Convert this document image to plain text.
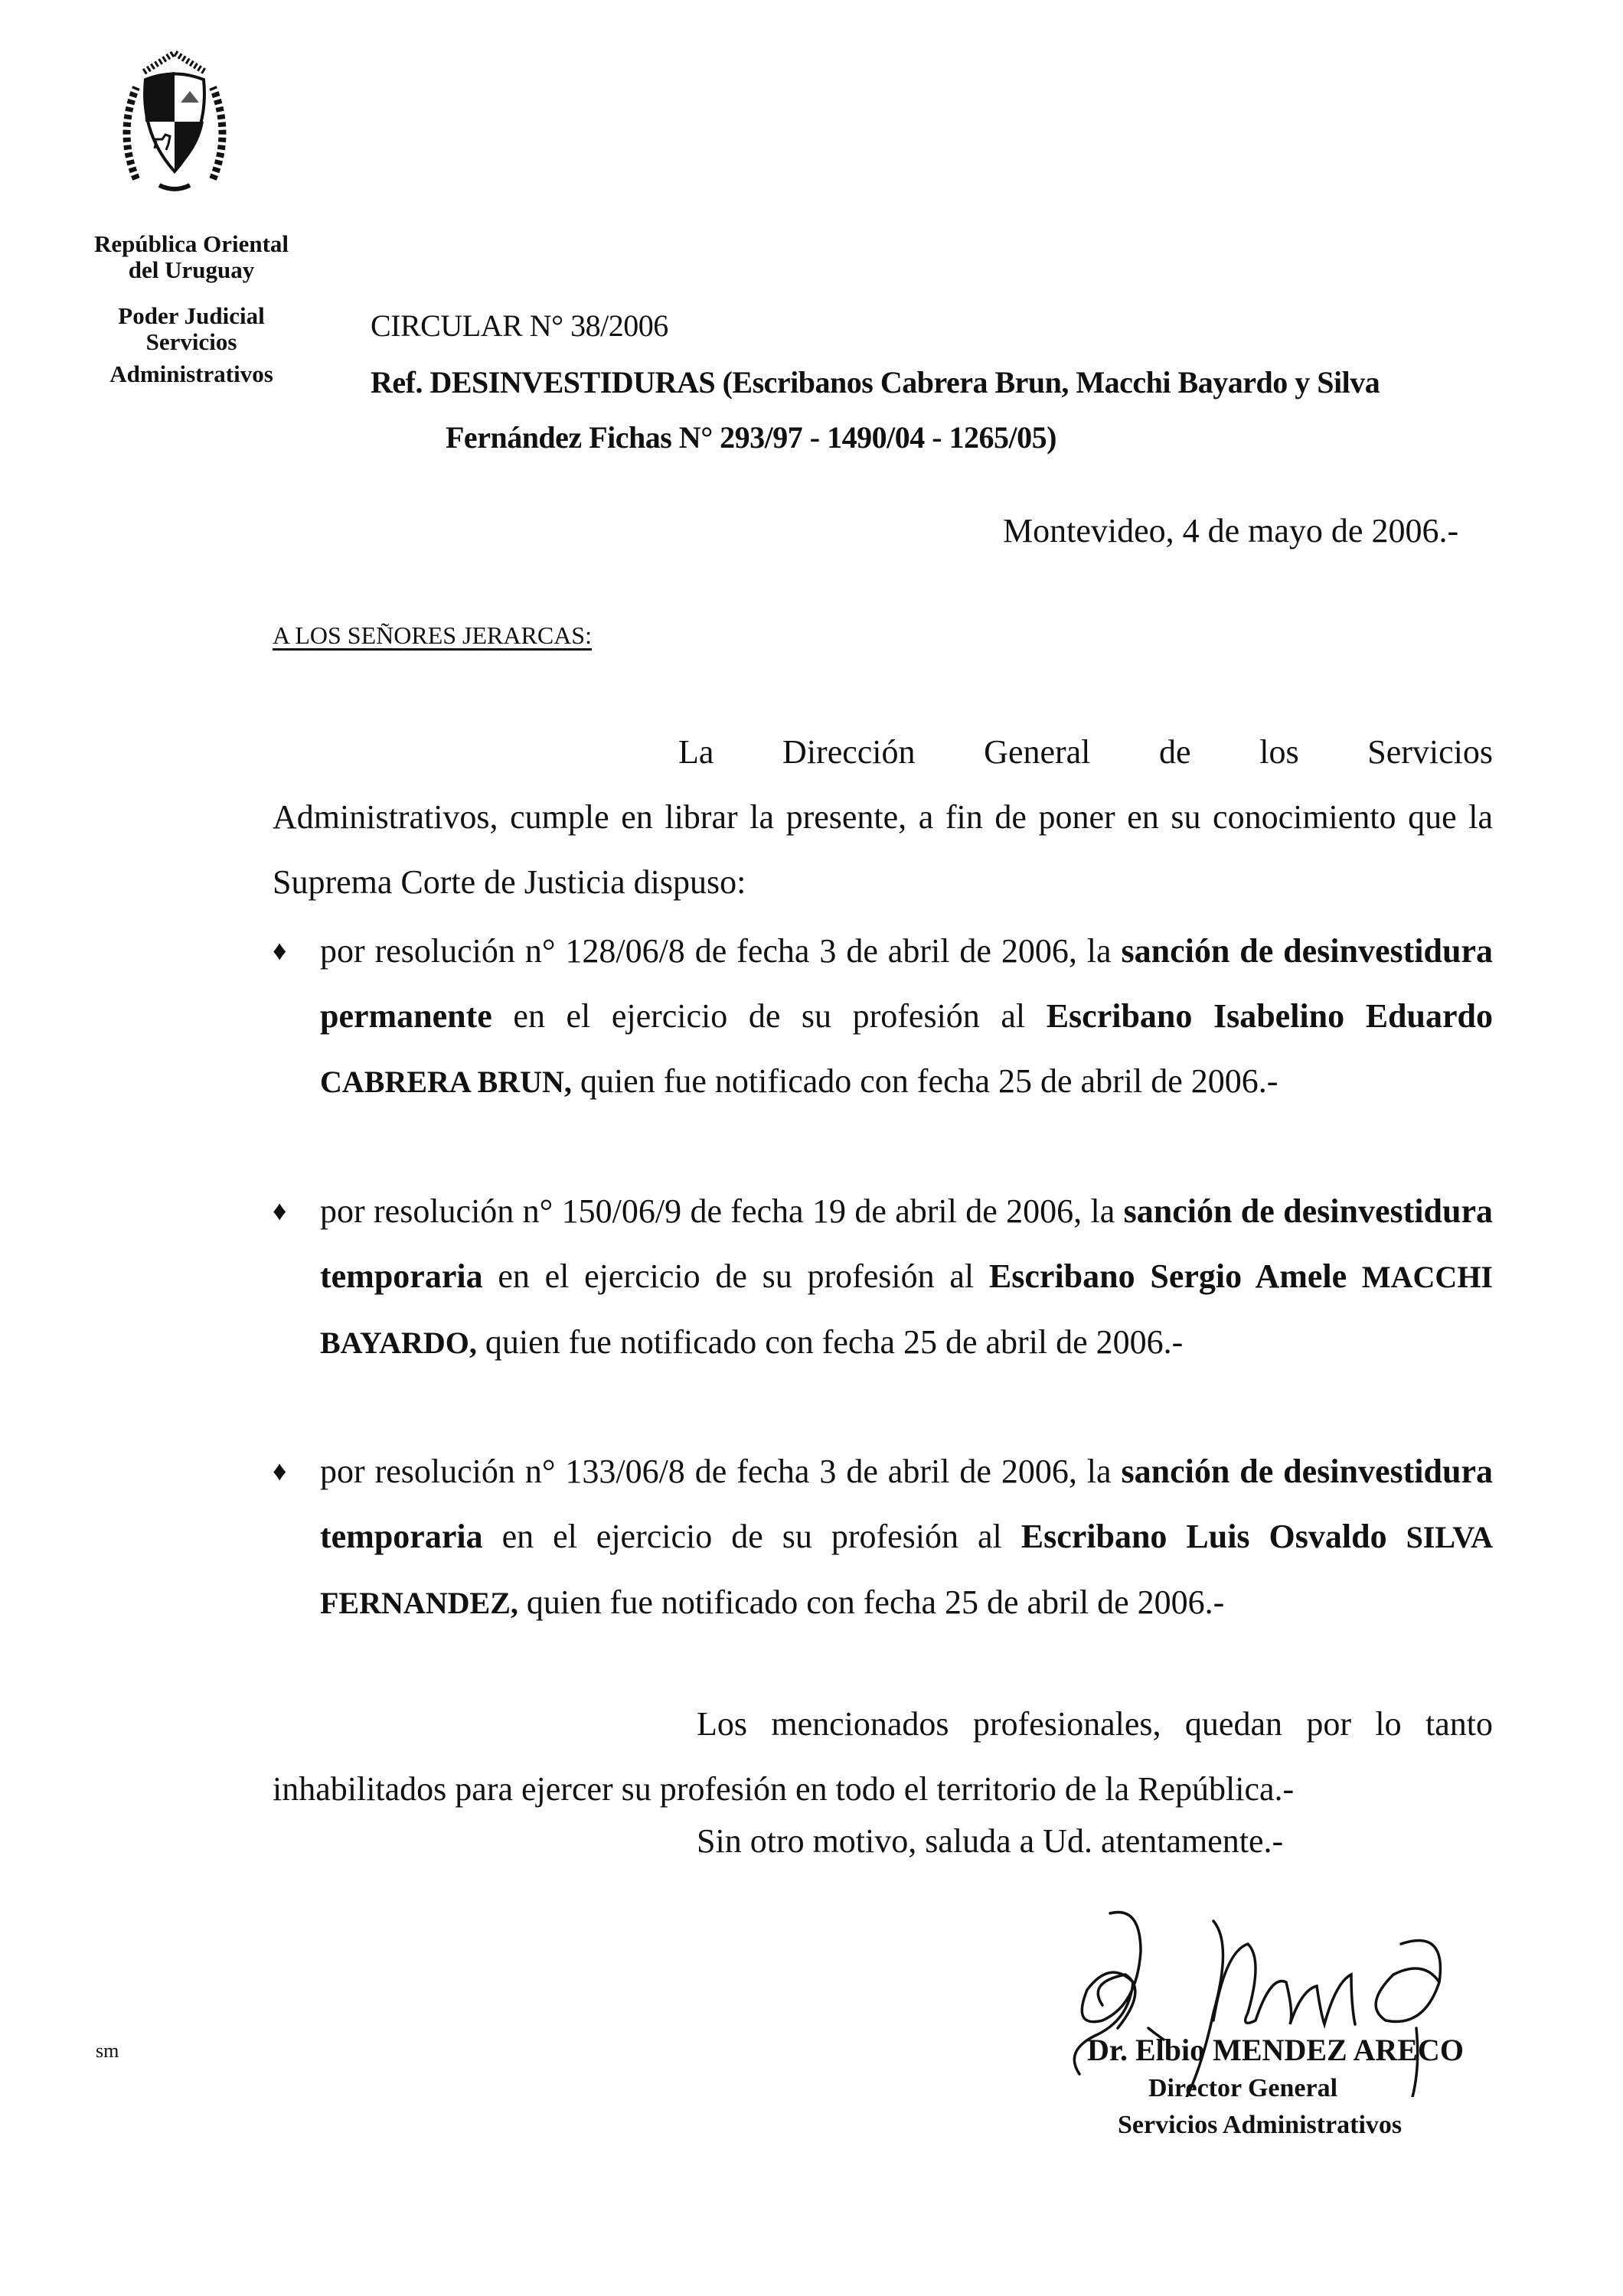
República Oriental
del Uruguay
Poder Judicial
Servicios
Administrativos
CIRCULAR N° 38/2006
Ref. DESINVESTIDURAS (Escribanos Cabrera Brun, Macchi Bayardo y Silva
Fernández Fichas N° 293/97 - 1490/04 - 1265/05)
Montevideo, 4 de mayo de 2006.-
A LOS SEÑORES JERARCAS:
La Dirección General de los Servicios
Administrativos, cumple en librar la presente, a fin de poner en su conocimiento que la Suprema Corte de Justicia dispuso:
♦ por resolución n° 128/06/8 de fecha 3 de abril de 2006, la sanción de desinvestidura permanente en el ejercicio de su profesión al Escribano Isabelino Eduardo CABRERA BRUN, quien fue notificado con fecha 25 de abril de 2006.-
♦ por resolución n° 150/06/9 de fecha 19 de abril de 2006, la sanción de desinvestidura temporaria en el ejercicio de su profesión al Escribano Sergio Amele MACCHI BAYARDO, quien fue notificado con fecha 25 de abril de 2006.-
♦ por resolución n° 133/06/8 de fecha 3 de abril de 2006, la sanción de desinvestidura temporaria en el ejercicio de su profesión al Escribano Luis Osvaldo SILVA FERNANDEZ, quien fue notificado con fecha 25 de abril de 2006.-
Los mencionados profesionales, quedan por lo tanto
inhabilitados para ejercer su profesión en todo el territorio de la República.-
Sin otro motivo, saluda a Ud. atentamente.-
Dr. Elbio MENDEZ ARECO
Director General
Servicios Administrativos
sm
